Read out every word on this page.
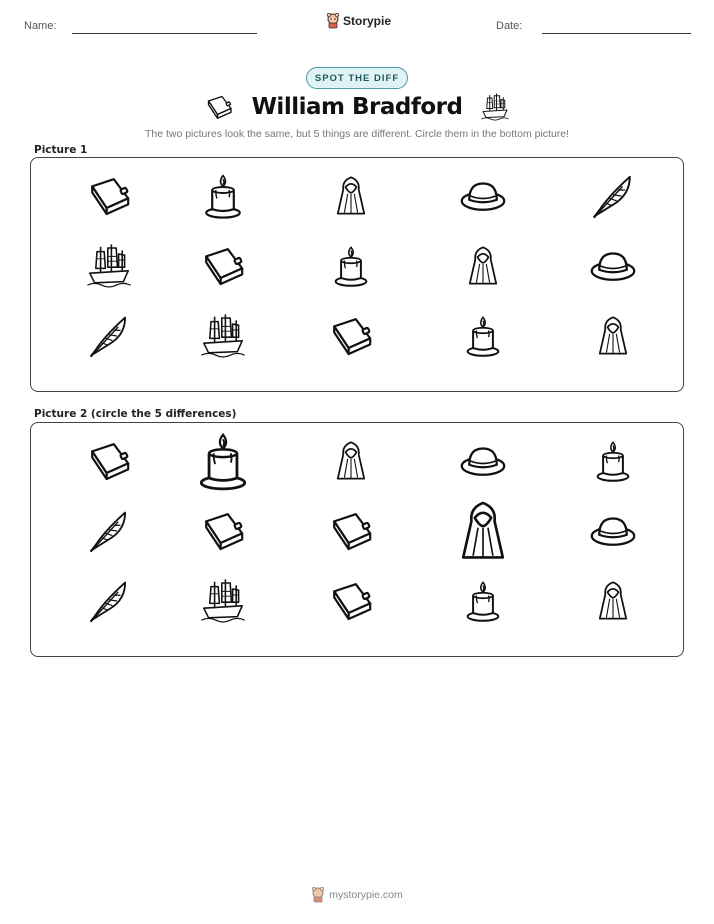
Name:	Storypie	Date:
SPOT THE DIFF
William Bradford
The two pictures look the same, but 5 things are different. Circle them in the bottom picture!
Picture 1
Picture 2 (circle the 5 differences)
mystorypie.com
